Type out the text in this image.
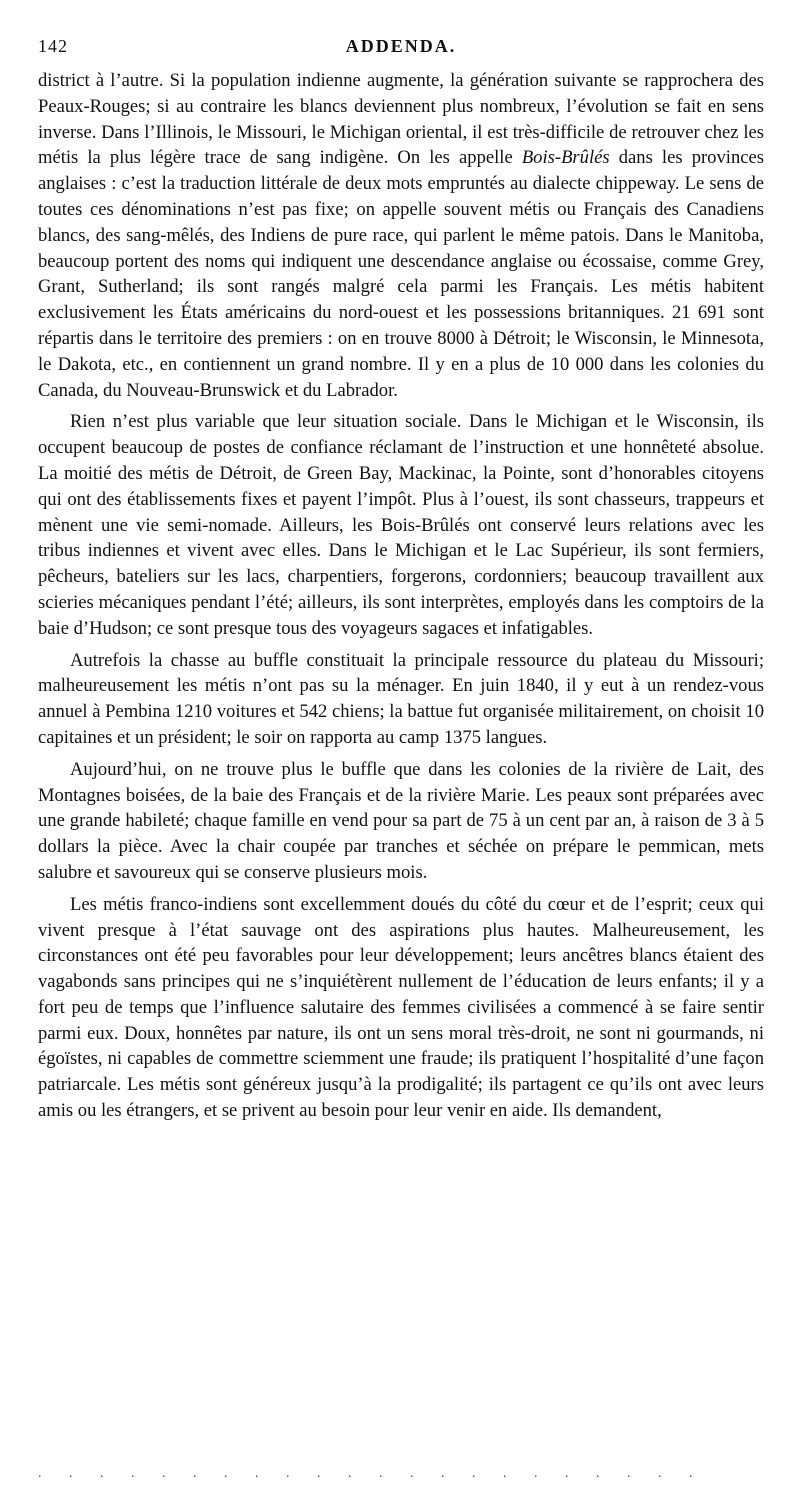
142	ADDENDA.

district à l’autre. Si la population indienne augmente, la génération suivante se rapprochera des Peaux-Rouges; si au contraire les blancs deviennent plus nombreux, l’évolution se fait en sens inverse. Dans l’Illinois, le Missouri, le Michigan oriental, il est très-difficile de retrouver chez les métis la plus légère trace de sang indigène. On les appelle Bois-Brûlés dans les provinces anglaises : c’est la traduction littérale de deux mots empruntés au dialecte chippeway. Le sens de toutes ces dénominations n’est pas fixe; on appelle souvent métis ou Français des Canadiens blancs, des sang-mêlés, des Indiens de pure race, qui parlent le même patois. Dans le Manitoba, beaucoup portent des noms qui indiquent une descendance anglaise ou écossaise, comme Grey, Grant, Sutherland; ils sont rangés malgré cela parmi les Français. Les métis habitent exclusivement les États américains du nord-ouest et les possessions britanniques. 21 691 sont répartis dans le territoire des premiers : on en trouve 8000 à Détroit; le Wisconsin, le Minnesota, le Dakota, etc., en contiennent un grand nombre. Il y en a plus de 10 000 dans les colonies du Canada, du Nouveau-Brunswick et du Labrador.

Rien n’est plus variable que leur situation sociale. Dans le Michigan et le Wisconsin, ils occupent beaucoup de postes de confiance réclamant de l’instruction et une honnêteté absolue. La moitié des métis de Détroit, de Green Bay, Mackinac, la Pointe, sont d’honorables citoyens qui ont des établissements fixes et payent l’impôt. Plus à l’ouest, ils sont chasseurs, trappeurs et mènent une vie semi-nomade. Ailleurs, les Bois-Brûlés ont conservé leurs relations avec les tribus indiennes et vivent avec elles. Dans le Michigan et le Lac Supérieur, ils sont fermiers, pêcheurs, bateliers sur les lacs, charpentiers, forgerons, cordonniers; beaucoup travaillent aux scieries mécaniques pendant l’été; ailleurs, ils sont interprètes, employés dans les comptoirs de la baie d’Hudson; ce sont presque tous des voyageurs sagaces et infatigables.

Autrefois la chasse au buffle constituait la principale ressource du plateau du Missouri; malheureusement les métis n’ont pas su la ménager. En juin 1840, il y eut à un rendez-vous annuel à Pembina 1210 voitures et 542 chiens; la battue fut organisée militairement, on choisit 10 capitaines et un président; le soir on rapporta au camp 1375 langues.

Aujourd’hui, on ne trouve plus le buffle que dans les colonies de la rivière de Lait, des Montagnes boisées, de la baie des Français et de la rivière Marie. Les peaux sont préparées avec une grande habileté; chaque famille en vend pour sa part de 75 à un cent par an, à raison de 3 à 5 dollars la pièce. Avec la chair coupée par tranches et séchée on prépare le pemmican, mets salubre et savoureux qui se conserve plusieurs mois.

Les métis franco-indiens sont excellemment doués du côté du cœur et de l’esprit; ceux qui vivent presque à l’état sauvage ont des aspirations plus hautes. Malheureusement, les circonstances ont été peu favorables pour leur développement; leurs ancêtres blancs étaient des vagabonds sans principes qui ne s’inquiétèrent nullement de l’éducation de leurs enfants; il y a fort peu de temps que l’influence salutaire des femmes civilisées a commencé à se faire sentir parmi eux. Doux, honnêtes par nature, ils ont un sens moral très-droit, ne sont ni gourmands, ni égoïstes, ni capables de commettre sciemment une fraude; ils pratiquent l’hospitalité d’une façon patriarcale. Les métis sont généreux jusqu’à la prodigalité; ils partagent ce qu’ils ont avec leurs amis ou les étrangers, et se privent au besoin pour leur venir en aide. Ils demandent,

. . . . . . . . . . . . . . . . . . . . . .
